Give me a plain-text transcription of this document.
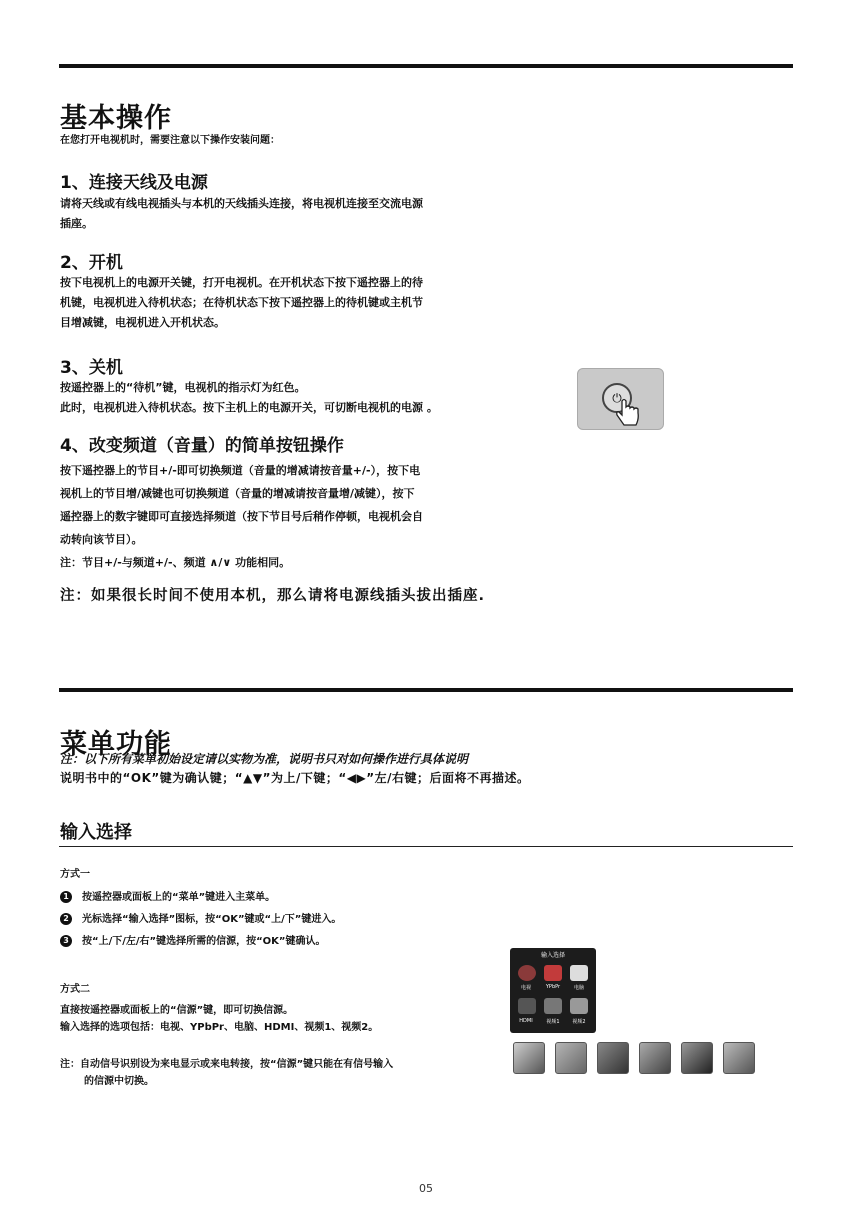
基本操作
在您打开电视机时，需要注意以下操作安装问题：
1、连接天线及电源
请将天线或有线电视插头与本机的天线插头连接，将电视机连接至交流电源
插座。
2、开机
按下电视机上的电源开关键，打开电视机。在开机状态下按下遥控器上的待
机键，电视机进入待机状态；在待机状态下按下遥控器上的待机键或主机节
目增减键，电视机进入开机状态。
3、关机
按遥控器上的“待机”键，电视机的指示灯为红色。
此时，电视机进入待机状态。按下主机上的电源开关，可切断电视机的电源 。
4、改变频道（音量）的简单按钮操作
按下遥控器上的节目+/-即可切换频道（音量的增减请按音量+/-），按下电
视机上的节目增/减键也可切换频道（音量的增减请按音量增/减键），按下
遥控器上的数字键即可直接选择频道（按下节目号后稍作停顿，电视机会自
动转向该节目）。
注：节目+/-与频道+/-、频道 ∧/∨ 功能相同。
注：如果很长时间不使用本机，那么请将电源线插头拔出插座.
⏻
菜单功能
注：以下所有菜单初始设定请以实物为准，说明书只对如何操作进行具体说明
说明书中的“OK”键为确认键；“▲▼”为上/下键；“◀▶”左/右键；后面将不再描述。
输入选择
方式一
1 按遥控器或面板上的“菜单”键进入主菜单。
2 光标选择“输入选择”图标，按“OK”键或“上/下”键进入。
3 按“上/下/左/右”键选择所需的信源，按“OK”键确认。
方式二
直接按遥控器或面板上的“信源”键，即可切换信源。
输入选择的选项包括：电视、YPbPr、电脑、HDMI、视频1、视频2。
注：自动信号识别设为来电显示或来电转接，按“信源”键只能在有信号输入
的信源中切换。
输入选择
电视	YPbPr	电脑
HDMI	视频1	视频2
05
